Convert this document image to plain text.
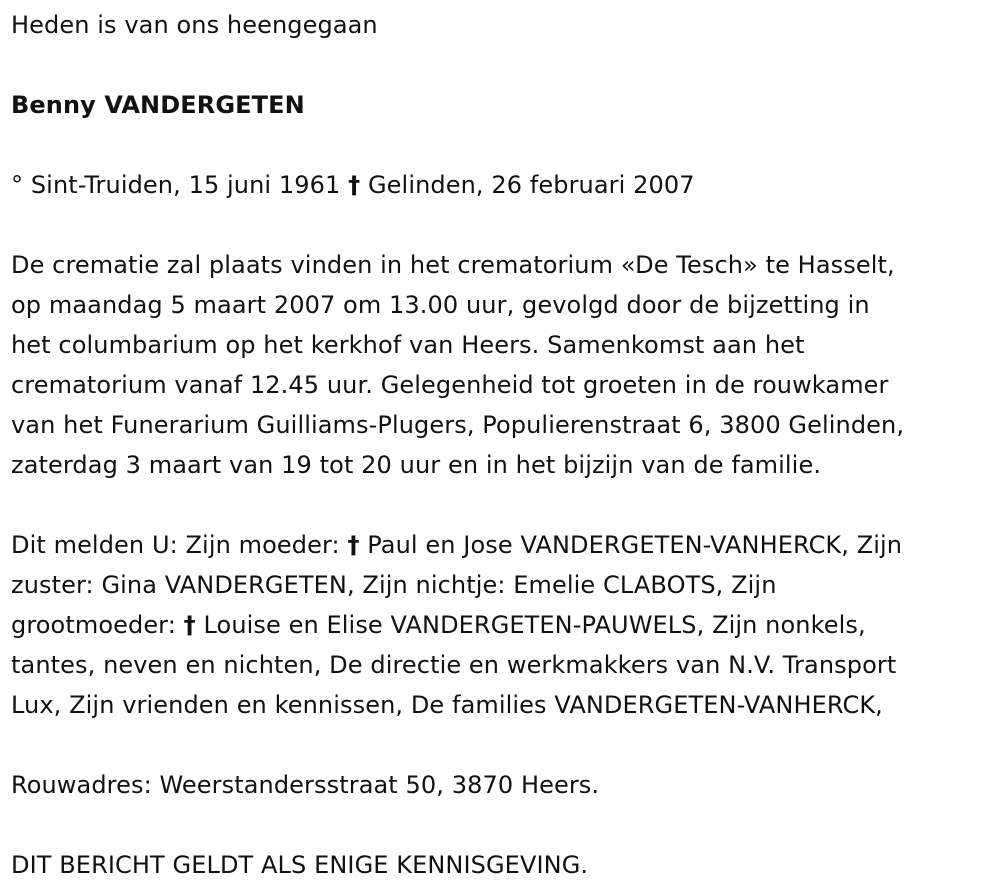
Heden is van ons heengegaan
Benny VANDERGETEN
° Sint-Truiden, 15 juni 1961 † Gelinden, 26 februari 2007
De crematie zal plaats vinden in het crematorium «De Tesch» te Hasselt,
op maandag 5 maart 2007 om 13.00 uur, gevolgd door de bijzetting in
het columbarium op het kerkhof van Heers. Samenkomst aan het
crematorium vanaf 12.45 uur. Gelegenheid tot groeten in de rouwkamer
van het Funerarium Guilliams-Plugers, Populierenstraat 6, 3800 Gelinden,
zaterdag 3 maart van 19 tot 20 uur en in het bijzijn van de familie.
Dit melden U: Zijn moeder: † Paul en Jose VANDERGETEN-VANHERCK, Zijn
zuster: Gina VANDERGETEN, Zijn nichtje: Emelie CLABOTS, Zijn
grootmoeder: † Louise en Elise VANDERGETEN-PAUWELS, Zijn nonkels,
tantes, neven en nichten, De directie en werkmakkers van N.V. Transport
Lux, Zijn vrienden en kennissen, De families VANDERGETEN-VANHERCK,
Rouwadres: Weerstandersstraat 50, 3870 Heers.
DIT BERICHT GELDT ALS ENIGE KENNISGEVING.
